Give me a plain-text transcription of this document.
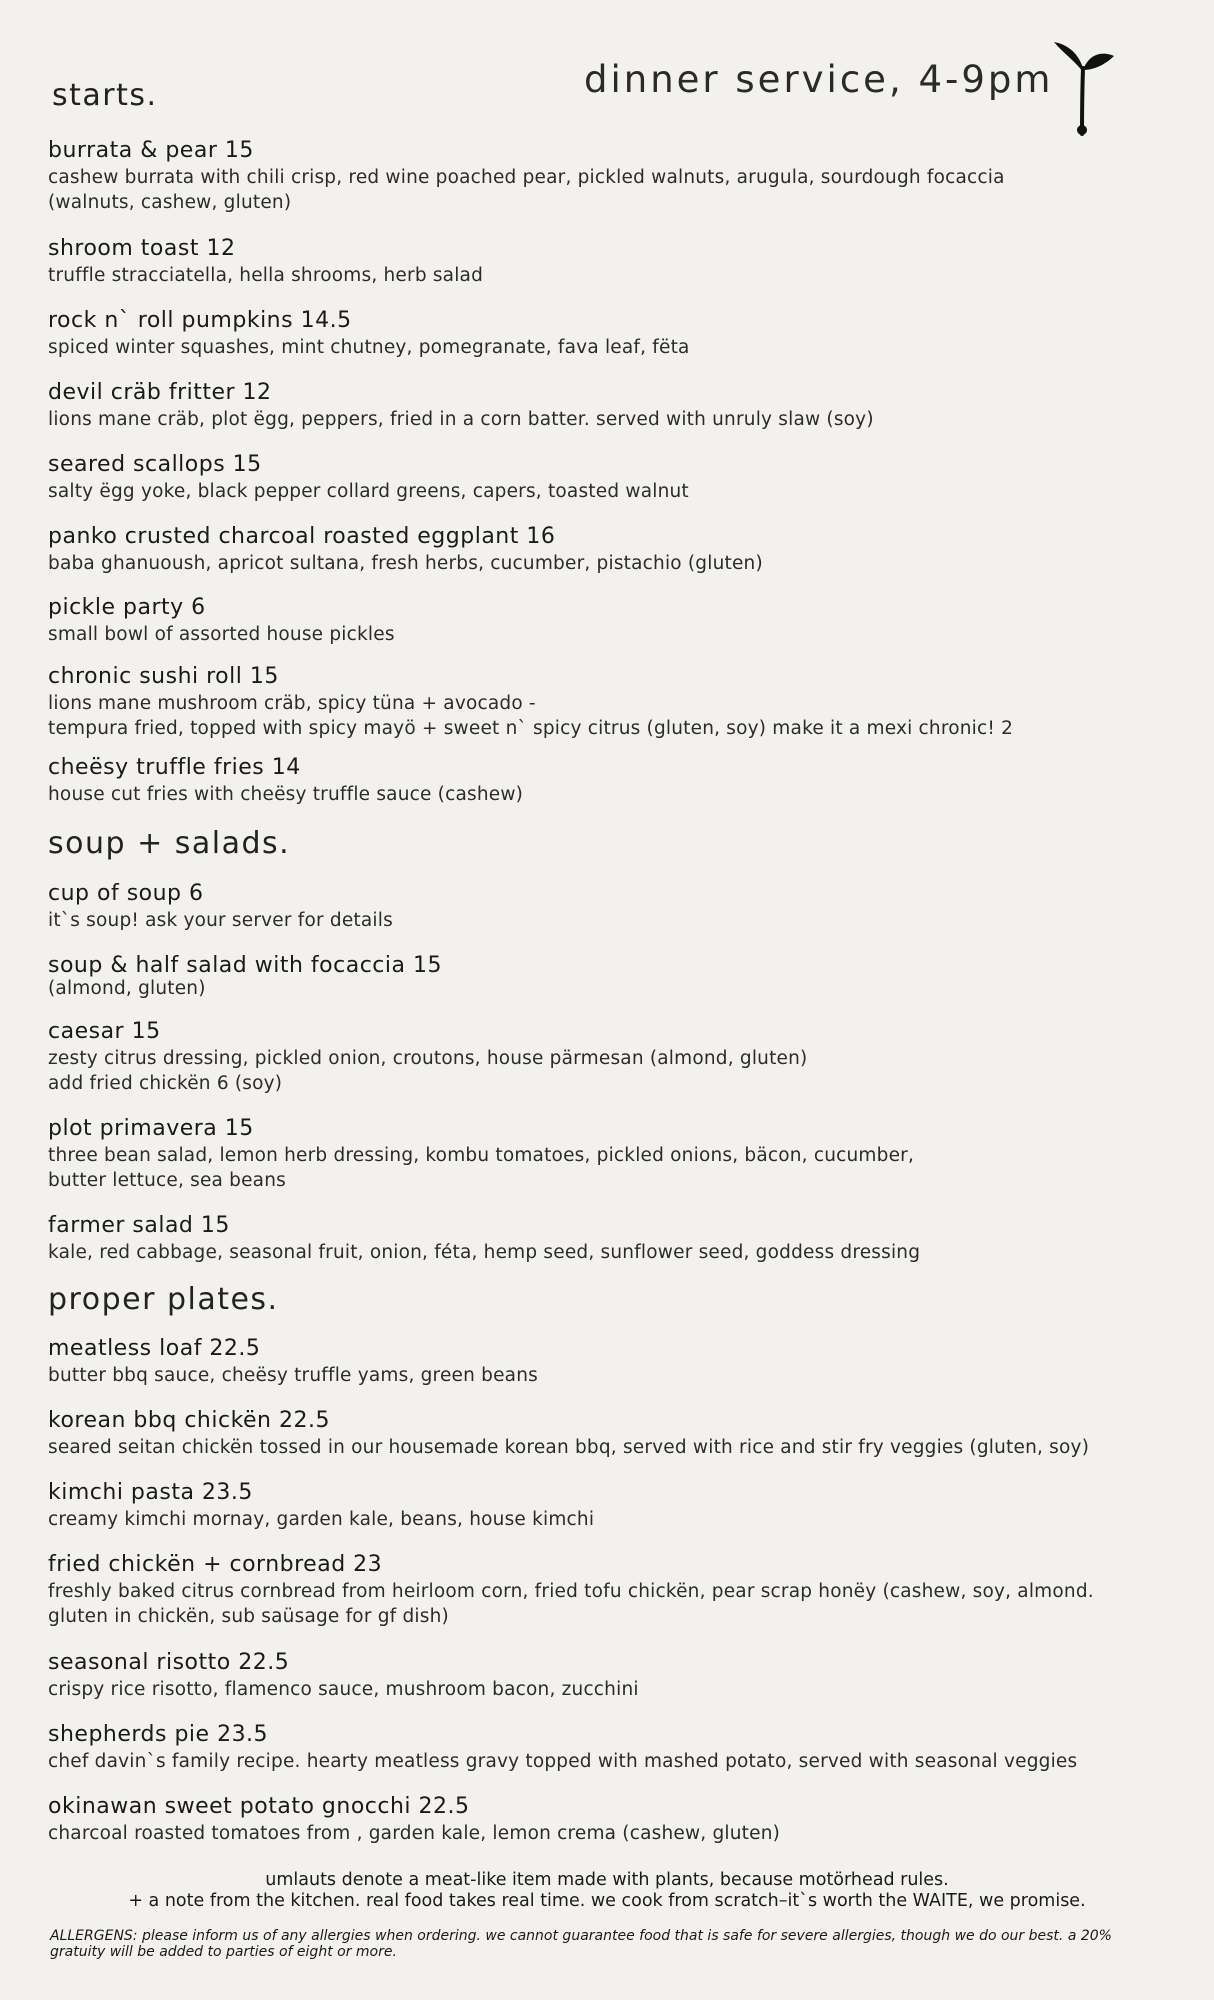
dinner service, 4-9pm
starts.
burrata & pear 15
cashew burrata with chili crisp, red wine poached pear, pickled walnuts, arugula, sourdough focaccia
(walnuts, cashew, gluten)
shroom toast 12
truffle stracciatella, hella shrooms, herb salad
rock n` roll pumpkins 14.5
spiced winter squashes, mint chutney, pomegranate, fava leaf, fëta
devil cräb fritter 12
lions mane cräb, plot ëgg, peppers, fried in a corn batter. served with unruly slaw (soy)
seared scallops 15
salty ëgg yoke, black pepper collard greens, capers, toasted walnut
panko crusted charcoal roasted eggplant 16
baba ghanuoush, apricot sultana, fresh herbs, cucumber, pistachio (gluten)
pickle party 6
small bowl of assorted house pickles
chronic sushi roll 15
lions mane mushroom cräb, spicy tüna + avocado -
tempura fried, topped with spicy mayö + sweet n` spicy citrus (gluten, soy) make it a mexi chronic! 2
cheësy truffle fries 14
house cut fries with cheësy truffle sauce (cashew)
soup + salads.
cup of soup 6
it`s soup! ask your server for details
soup & half salad with focaccia 15
(almond, gluten)
caesar 15
zesty citrus dressing, pickled onion, croutons, house pärmesan (almond, gluten)
add fried chickën 6 (soy)
plot primavera 15
three bean salad, lemon herb dressing, kombu tomatoes, pickled onions, bäcon, cucumber,
butter lettuce, sea beans
farmer salad 15
kale, red cabbage, seasonal fruit, onion, féta, hemp seed, sunflower seed, goddess dressing
proper plates.
meatless loaf 22.5
butter bbq sauce, cheësy truffle yams, green beans
korean bbq chickën 22.5
seared seitan chickën tossed in our housemade korean bbq, served with rice and stir fry veggies (gluten, soy)
kimchi pasta 23.5
creamy kimchi mornay, garden kale, beans, house kimchi
fried chickën + cornbread 23
freshly baked citrus cornbread from heirloom corn, fried tofu chickën, pear scrap honëy (cashew, soy, almond.
gluten in chickën, sub saüsage for gf dish)
seasonal risotto 22.5
crispy rice risotto, flamenco sauce, mushroom bacon, zucchini
shepherds pie 23.5
chef davin`s family recipe. hearty meatless gravy topped with mashed potato, served with seasonal veggies
okinawan sweet potato gnocchi 22.5
charcoal roasted tomatoes from , garden kale, lemon crema (cashew, gluten)
umlauts denote a meat-like item made with plants, because motörhead rules.
+ a note from the kitchen. real food takes real time. we cook from scratch–it`s worth the WAITE, we promise.
ALLERGENS: please inform us of any allergies when ordering. we cannot guarantee food that is safe for severe allergies, though we do our best. a 20% gratuity will be added to parties of eight or more.
